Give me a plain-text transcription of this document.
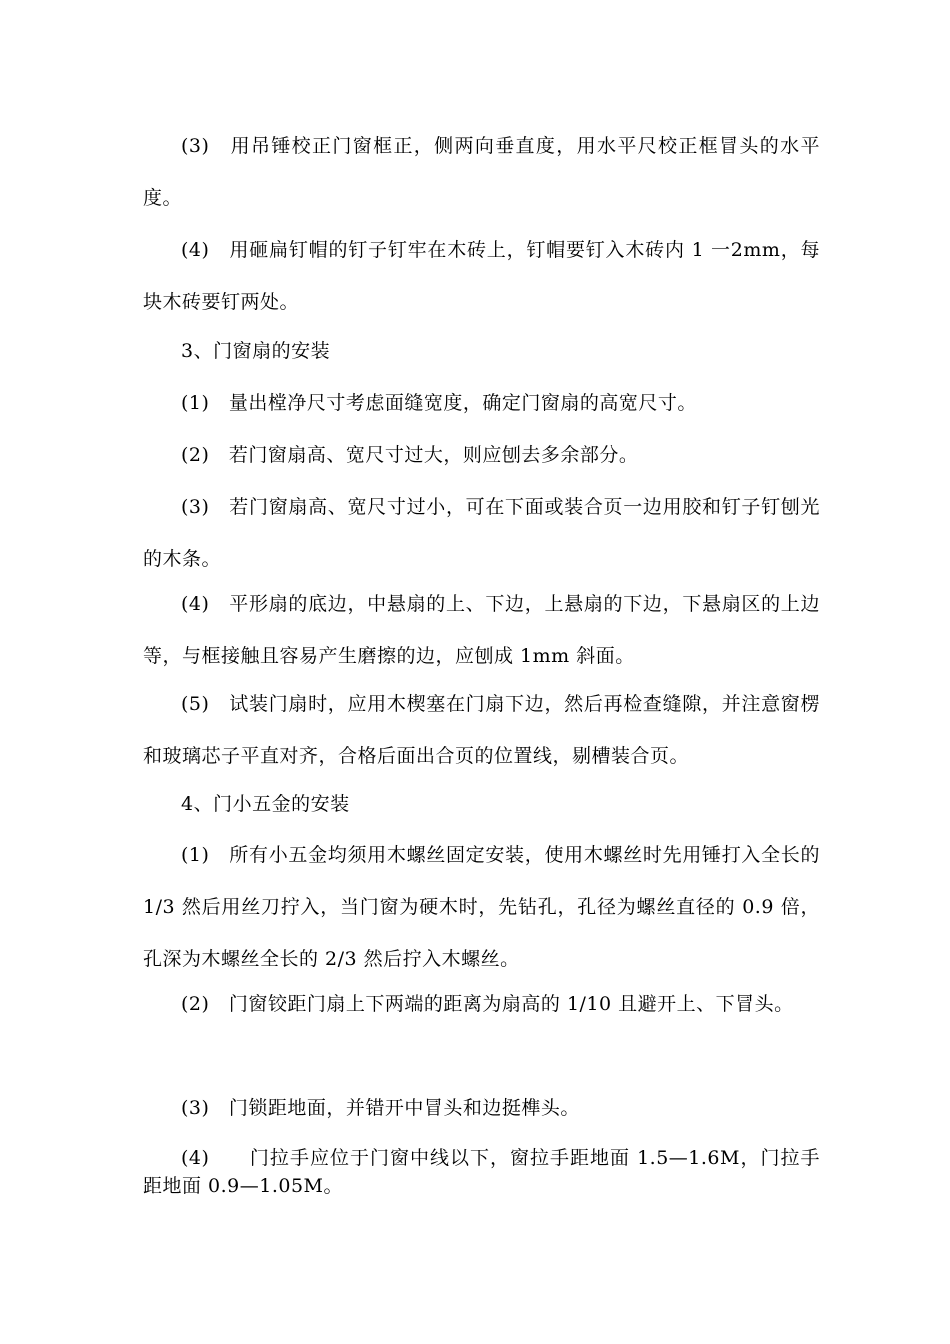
(3)　用吊锤校正门窗框正，侧两向垂直度，用水平尺校正框冒头的水平度。

(4)　用砸扁钉帽的钉子钉牢在木砖上，钉帽要钉入木砖内 1 一2mm，每块木砖要钉两处。

3、门窗扇的安装

(1)　量出樘净尺寸考虑面缝宽度，确定门窗扇的高宽尺寸。

(2)　若门窗扇高、宽尺寸过大，则应刨去多余部分。

(3)　若门窗扇高、宽尺寸过小，可在下面或装合页一边用胶和钉子钉刨光的木条。

(4)　平形扇的底边，中悬扇的上、下边，上悬扇的下边，下悬扇区的上边等，与框接触且容易产生磨擦的边，应刨成 1mm 斜面。

(5)　试装门扇时，应用木楔塞在门扇下边，然后再检查缝隙，并注意窗楞和玻璃芯子平直对齐，合格后面出合页的位置线，剔槽装合页。

4、门小五金的安装

(1)　所有小五金均须用木螺丝固定安装，使用木螺丝时先用锤打入全长的 1/3 然后用丝刀拧入，当门窗为硬木时，先钻孔，孔径为螺丝直径的 0.9 倍，孔深为木螺丝全长的 2/3 然后拧入木螺丝。

(2)　门窗铰距门扇上下两端的距离为扇高的 1/10 且避开上、下冒头。

(3)　门锁距地面，并错开中冒头和边挺榫头。

(4)　　门拉手应位于门窗中线以下，窗拉手距地面 1.5—1.6M，门拉手距地面 0.9—1.05M。
